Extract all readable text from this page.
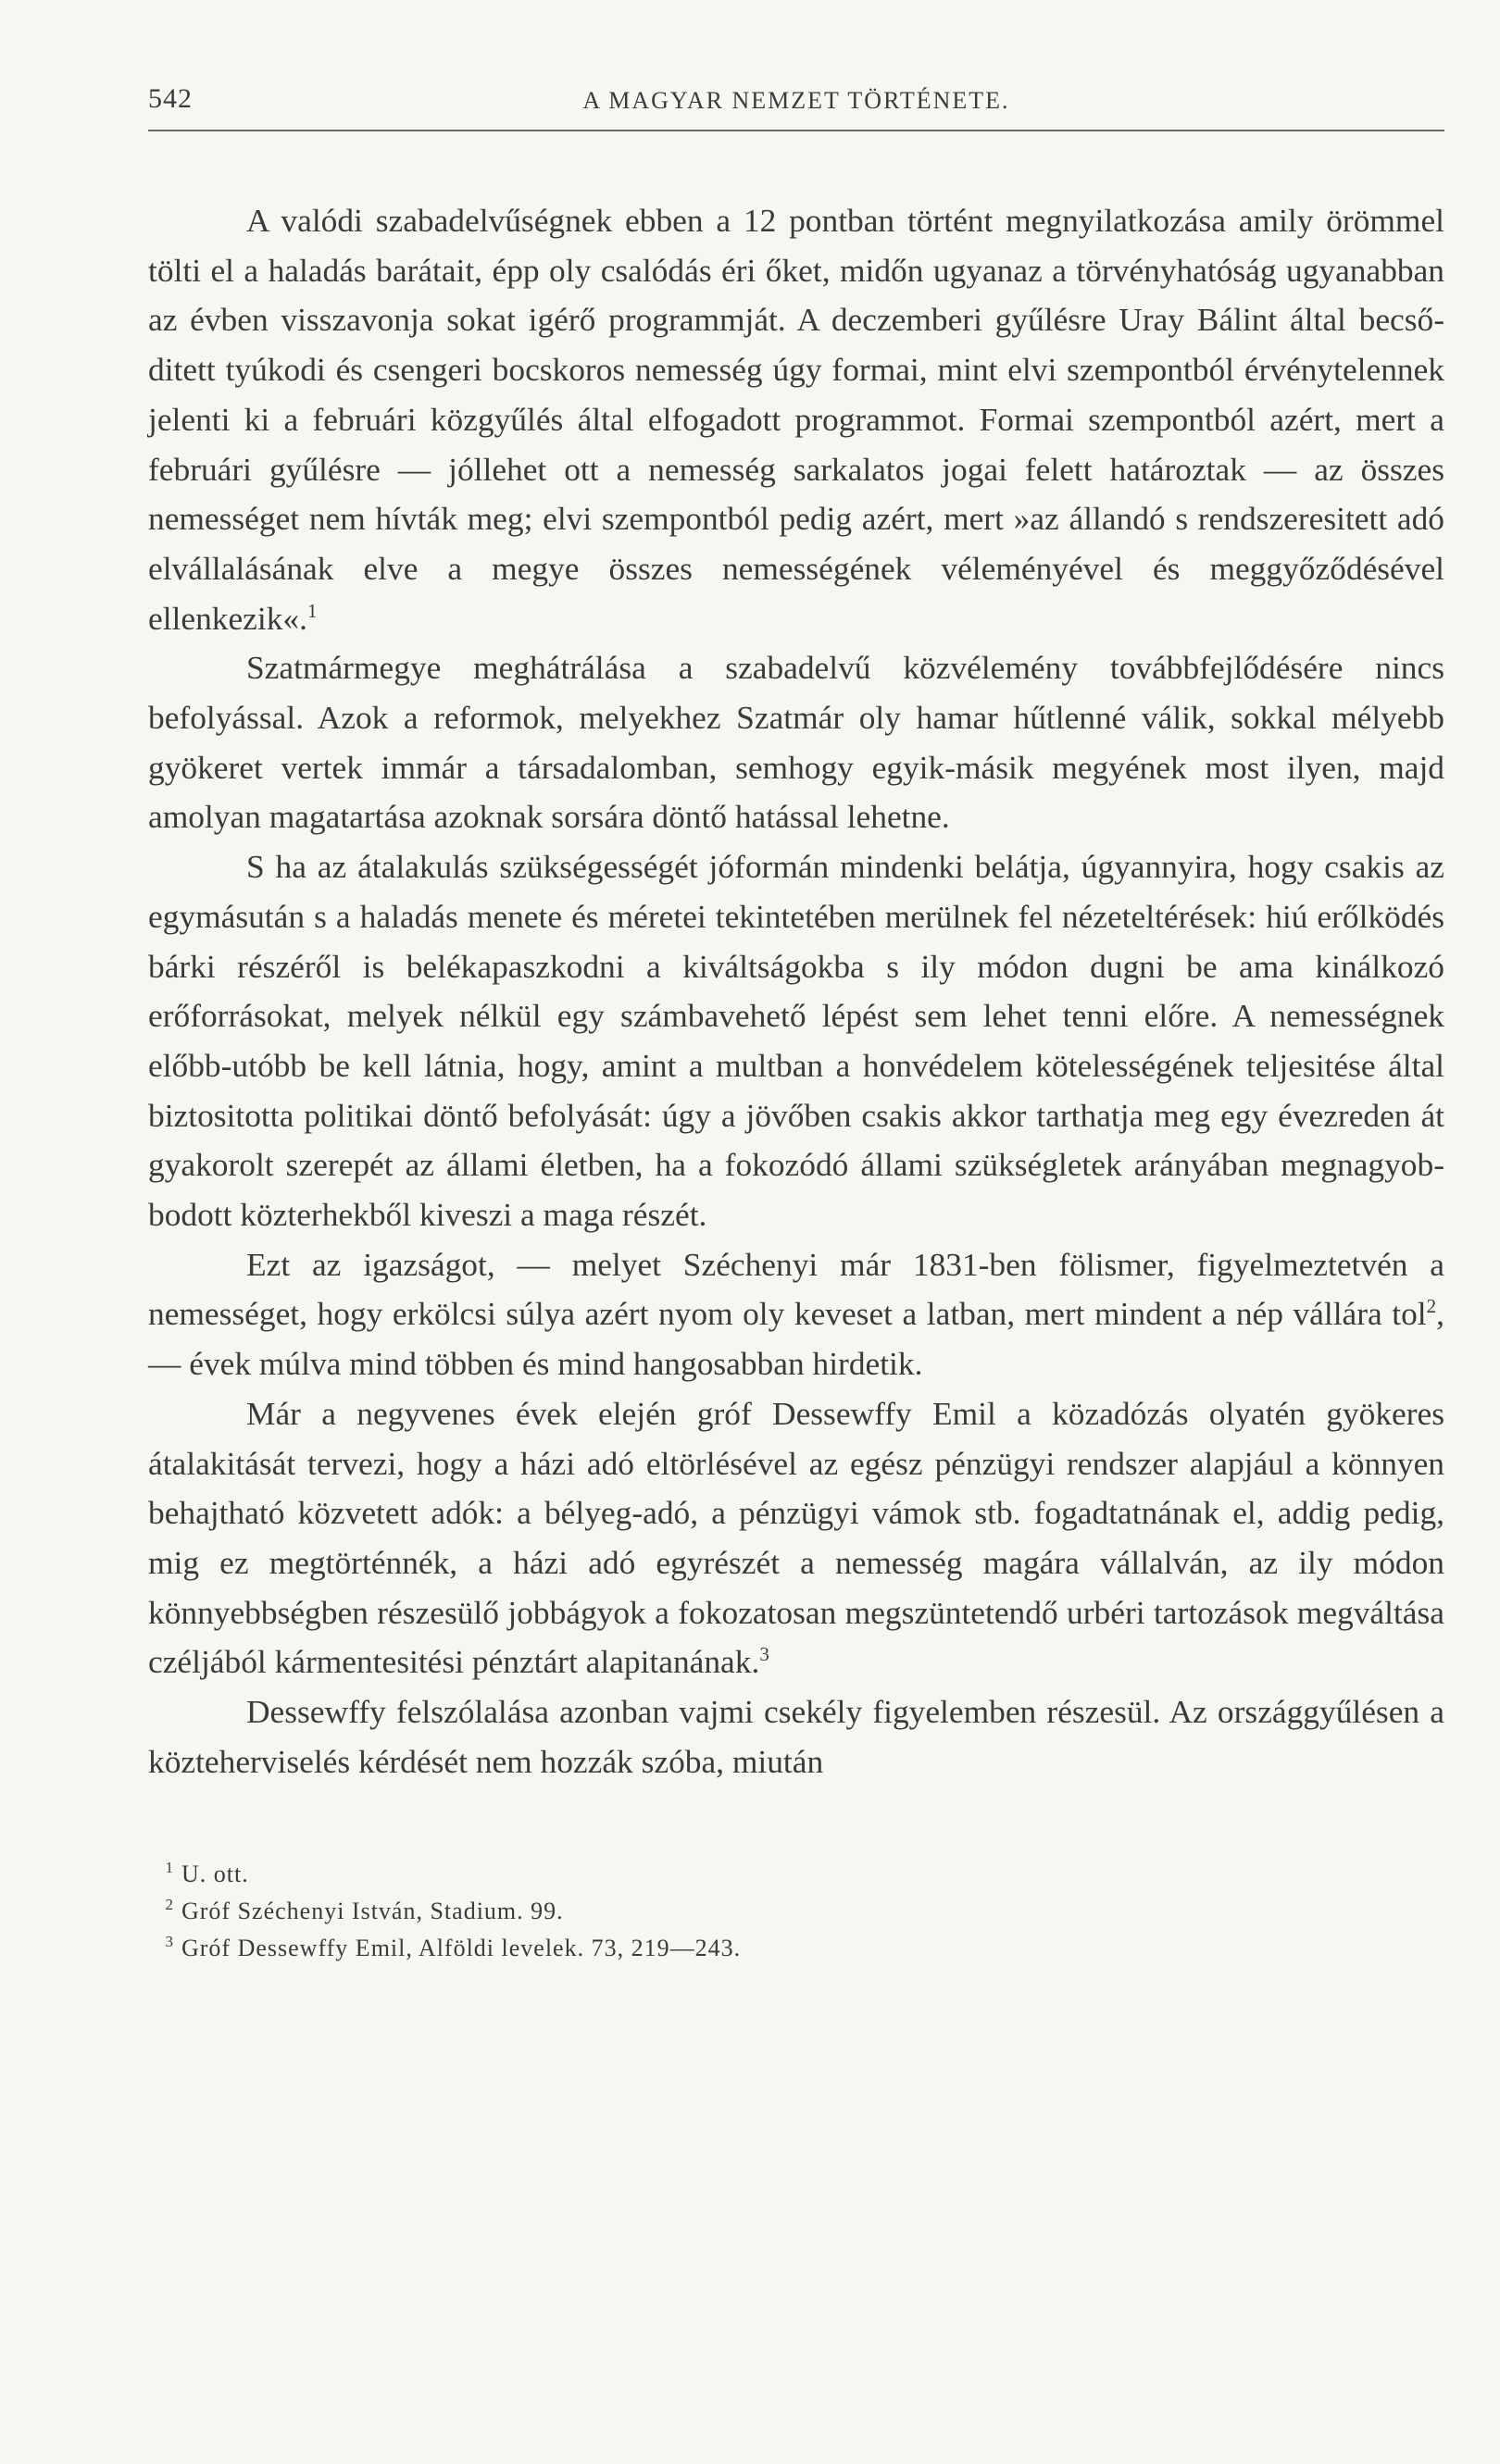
542	A MAGYAR NEMZET TÖRTÉNETE.

A valódi szabadelvűségnek ebben a 12 pontban történt megnyilatkozása amily örömmel tölti el a haladás barátait, épp oly csalódás éri őket, midőn ugyanaz a törvényhatóság ugyanabban az évben visszavonja sokat igérő programmját. A deczemberi gyűlésre Uray Bálint által becsőditett tyúkodi és csengeri bocskoros nemesség úgy formai, mint elvi szempontból érvénytelennek jelenti ki a februári közgyűlés által elfogadott programmot. Formai szempontból azért, mert a februári gyűlésre — jóllehet ott a nemesség sarkalatos jogai felett határoztak — az összes nemességet nem hívták meg; elvi szempontból pedig azért, mert »az állandó s rendszeresitett adó elvállalásának elve a megye összes nemességének véleményével és meggyőződésével ellenkezik«.$^1$

Szatmármegye meghátrálása a szabadelvű közvélemény továbbfejlődésére nincs befolyással. Azok a reformok, melyekhez Szatmár oly hamar hűtlenné válik, sokkal mélyebb gyökeret vertek immár a társadalomban, semhogy egyik-másik megyének most ilyen, majd amolyan magatartása azoknak sorsára döntő hatással lehetne.

S ha az átalakulás szükségességét jóformán mindenki belátja, úgyannyira, hogy csakis az egymásután s a haladás menete és méretei tekintetében merülnek fel nézeteltérések: hiú erőlködés bárki részéről is belékapaszkodni a kiváltságokba s ily módon dugni be ama kinálkozó erőforrásokat, melyek nélkül egy számbavehető lépést sem lehet tenni előre. A nemességnek előbb-utóbb be kell látnia, hogy, amint a multban a honvédelem kötelességének teljesitése által biztositotta politikai döntő befolyását: úgy a jövőben csakis akkor tarthatja meg egy évezreden át gyakorolt szerepét az állami életben, ha a fokozódó állami szükségletek arányában megnagyobbodott közterhekből kiveszi a maga részét.

Ezt az igazságot, — melyet Széchenyi már 1831-ben fölismer, figyelmeztetvén a nemességet, hogy erkölcsi súlya azért nyom oly keveset a latban, mert mindent a nép vállára tol$^2$, — évek múlva mind többen és mind hangosabban hirdetik.

Már a negyvenes évek elején gróf Dessewffy Emil a közadózás olyatén gyökeres átalakitását tervezi, hogy a házi adó eltörlésével az egész pénzügyi rendszer alapjául a könnyen behajtható közvetett adók: a bélyeg-adó, a pénzügyi vámok stb. fogadtatnának el, addig pedig, mig ez megtörténnék, a házi adó egyrészét a nemesség magára vállalván, az ily módon könnyebbségben részesülő jobbágyok a fokozatosan megszüntetendő urbéri tartozások megváltása czéljából kármentesitési pénztárt alapitanának.$^3$

Dessewffy felszólalása azonban vajmi csekély figyelemben részesül. Az országgyűlésen a közteherviselés kérdését nem hozzák szóba, miután

1 U. ott.
2 Gróf Széchenyi István, Stadium. 99.
3 Gróf Dessewffy Emil, Alföldi levelek. 73, 219—243.
